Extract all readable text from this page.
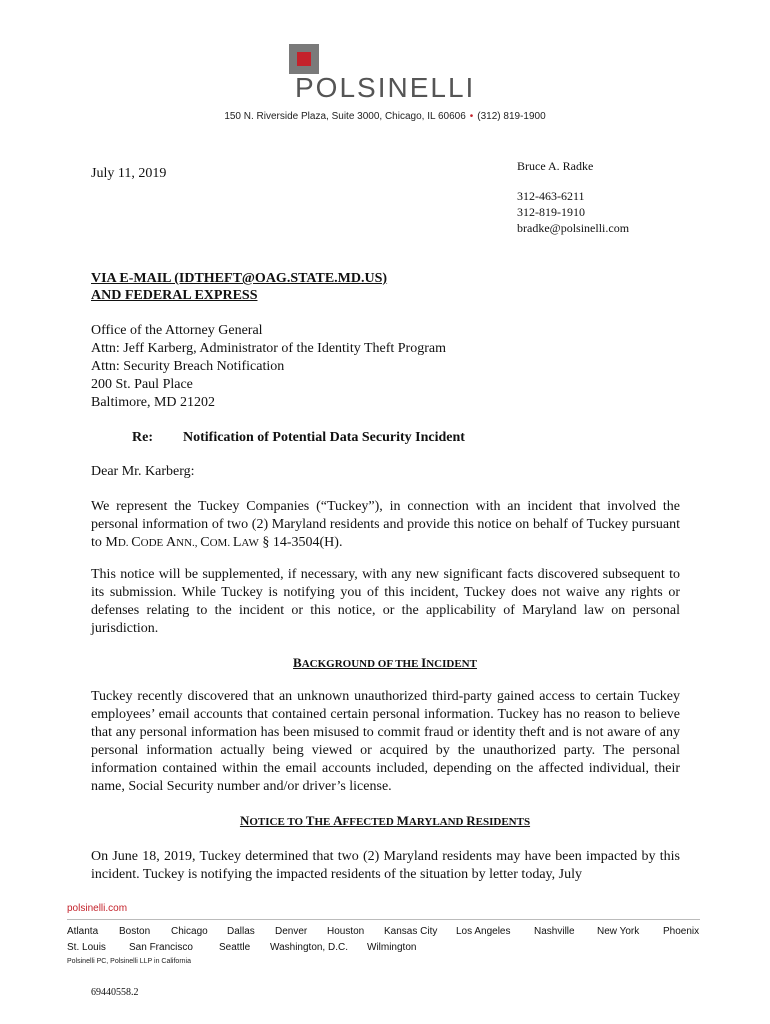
POLSINELLI
150 N. Riverside Plaza, Suite 3000, Chicago, IL 60606 • (312) 819-1900
July 11, 2019	Bruce A. Radke
312-463-6211
312-819-1910
bradke@polsinelli.com
VIA E-MAIL (IDTHEFT@OAG.STATE.MD.US)
AND FEDERAL EXPRESS
Office of the Attorney General
Attn: Jeff Karberg, Administrator of the Identity Theft Program
Attn: Security Breach Notification
200 St. Paul Place
Baltimore, MD 21202
Re: Notification of Potential Data Security Incident
Dear Mr. Karberg:
We represent the Tuckey Companies (“Tuckey”), in connection with an incident that involved the personal information of two (2) Maryland residents and provide this notice on behalf of Tuckey pursuant to MD. CODE ANN., COM. LAW § 14-3504(H).
This notice will be supplemented, if necessary, with any new significant facts discovered subsequent to its submission. While Tuckey is notifying you of this incident, Tuckey does not waive any rights or defenses relating to the incident or this notice, or the applicability of Maryland law on personal jurisdiction.
BACKGROUND OF THE INCIDENT
Tuckey recently discovered that an unknown unauthorized third-party gained access to certain Tuckey employees’ email accounts that contained certain personal information. Tuckey has no reason to believe that any personal information has been misused to commit fraud or identity theft and is not aware of any personal information actually being viewed or acquired by the unauthorized party. The personal information contained within the email accounts included, depending on the affected individual, their name, Social Security number and/or driver’s license.
NOTICE TO THE AFFECTED MARYLAND RESIDENTS
On June 18, 2019, Tuckey determined that two (2) Maryland residents may have been impacted by this incident. Tuckey is notifying the impacted residents of the situation by letter today, July
polsinelli.com
Atlanta Boston Chicago Dallas Denver Houston Kansas City Los Angeles Nashville New York Phoenix
St. Louis San Francisco	Seattle Washington, D.C. Wilmington
Polsinelli PC, Polsinelli LLP in California
69440558.2
